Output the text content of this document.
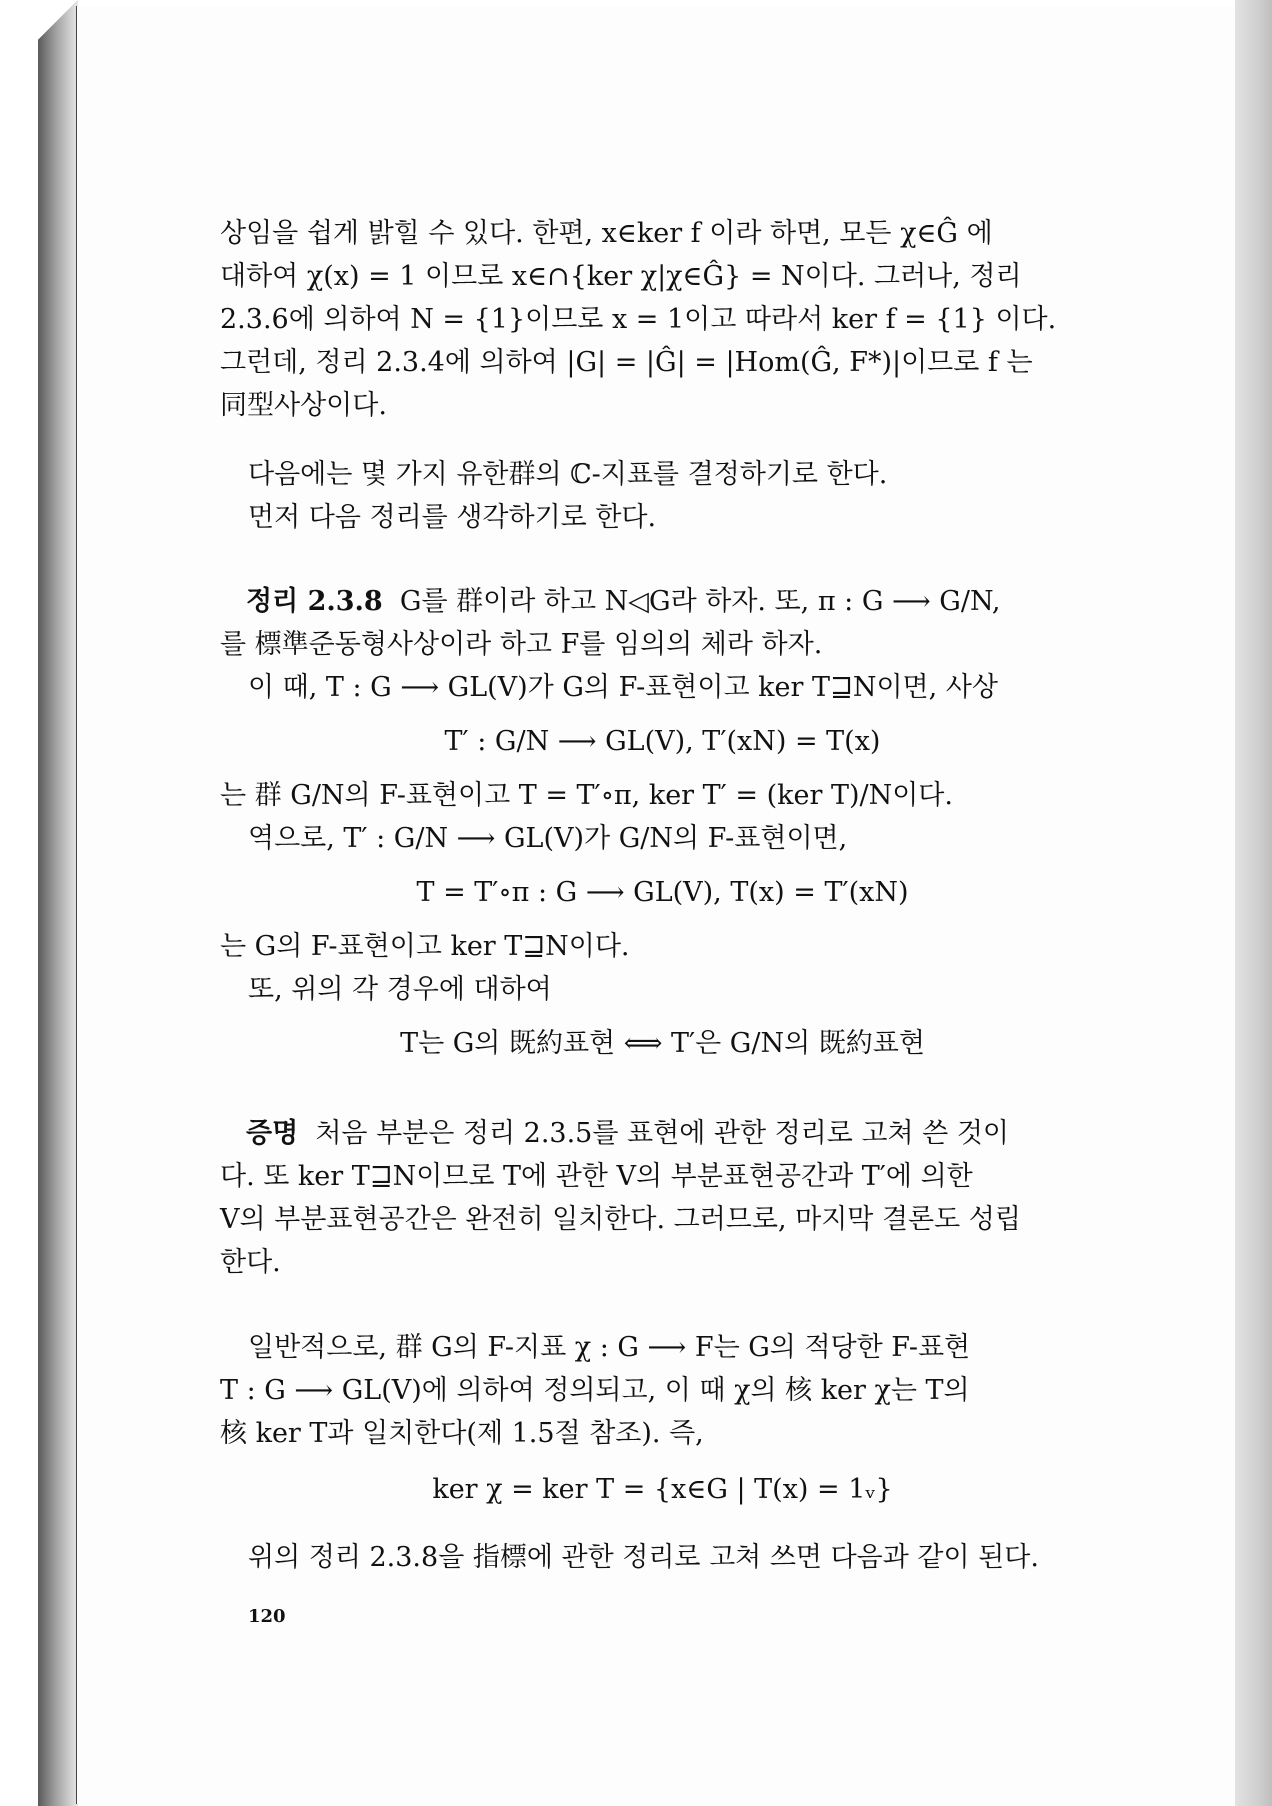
상임을 쉽게 밝힐 수 있다. 한편, x∈ker f 이라 하면, 모든 χ∈Ĝ 에
대하여 χ(x) = 1 이므로 x∈∩{ker χ|χ∈Ĝ} = N이다. 그러나, 정리
2.3.6에 의하여 N = {1}이므로 x = 1이고 따라서 ker f = {1} 이다.
그런데, 정리 2.3.4에 의하여 |G| = |Ĝ| = |Hom(Ĝ, F*)|이므로 f 는
同型사상이다.
다음에는 몇 가지 유한群의 ℂ-지표를 결정하기로 한다.
먼저 다음 정리를 생각하기로 한다.
정리 2.3.8 G를 群이라 하고 N◁G라 하자. 또, π : G ⟶ G/N,
를 標準준동형사상이라 하고 F를 임의의 체라 하자.
이 때, T : G ⟶ GL(V)가 G의 F-표현이고 ker T⊒N이면, 사상
T′ : G/N ⟶ GL(V), T′(xN) = T(x)
는 群 G/N의 F-표현이고 T = T′∘π, ker T′ = (ker T)/N이다.
역으로, T′ : G/N ⟶ GL(V)가 G/N의 F-표현이면,
T = T′∘π : G ⟶ GL(V), T(x) = T′(xN)
는 G의 F-표현이고 ker T⊒N이다.
또, 위의 각 경우에 대하여
T는 G의 既約표현 ⟺ T′은 G/N의 既約표현
증명 처음 부분은 정리 2.3.5를 표현에 관한 정리로 고쳐 쓴 것이
다. 또 ker T⊒N이므로 T에 관한 V의 부분표현공간과 T′에 의한
V의 부분표현공간은 완전히 일치한다. 그러므로, 마지막 결론도 성립
한다.
일반적으로, 群 G의 F-지표 χ : G ⟶ F는 G의 적당한 F-표현
T : G ⟶ GL(V)에 의하여 정의되고, 이 때 χ의 核 ker χ는 T의
核 ker T과 일치한다(제 1.5절 참조). 즉,
ker χ = ker T = {x∈G | T(x) = 1ᵥ}
위의 정리 2.3.8을 指標에 관한 정리로 고쳐 쓰면 다음과 같이 된다.
120
